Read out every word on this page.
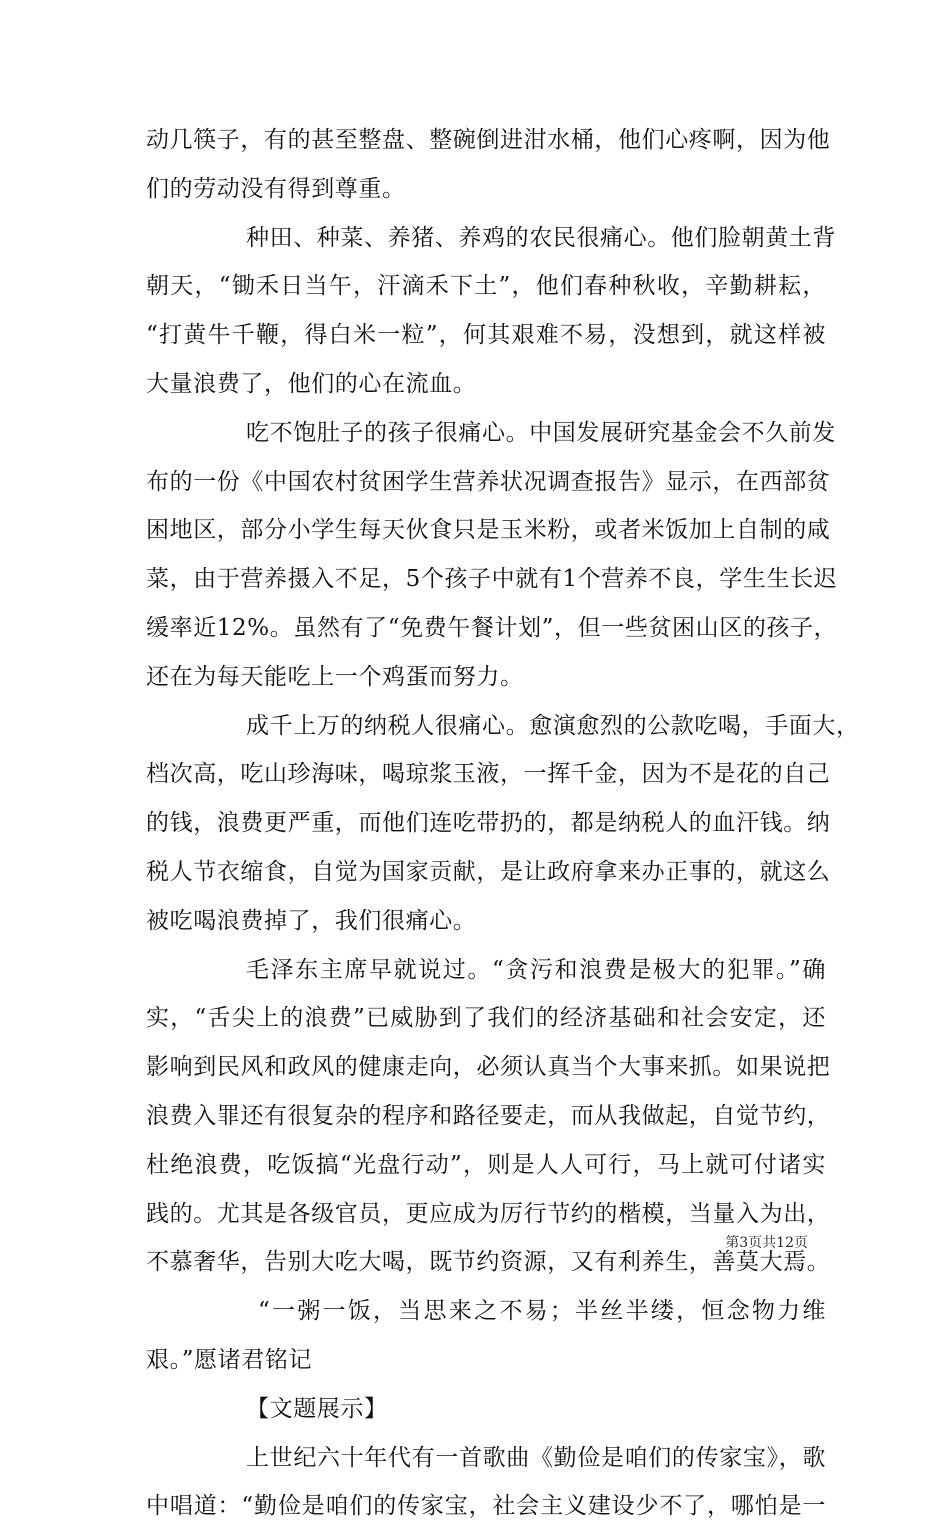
动几筷子，有的甚至整盘、整碗倒进泔水桶，他们心疼啊，因为他
们的劳动没有得到尊重。
种田、种菜、养猪、养鸡的农民很痛心。他们脸朝黄土背
朝天，“锄禾日当午，汗滴禾下土”，他们春种秋收，辛勤耕耘，
“打黄牛千鞭，得白米一粒”，何其艰难不易，没想到，就这样被
大量浪费了，他们的心在流血。
吃不饱肚子的孩子很痛心。中国发展研究基金会不久前发
布的一份《中国农村贫困学生营养状况调查报告》显示，在西部贫
困地区，部分小学生每天伙食只是玉米粉，或者米饭加上自制的咸
菜，由于营养摄入不足，5个孩子中就有1个营养不良，学生生长迟
缓率近12%。虽然有了“免费午餐计划”，但一些贫困山区的孩子，
还在为每天能吃上一个鸡蛋而努力。
成千上万的纳税人很痛心。愈演愈烈的公款吃喝，手面大，
档次高，吃山珍海味，喝琼浆玉液，一挥千金，因为不是花的自己
的钱，浪费更严重，而他们连吃带扔的，都是纳税人的血汗钱。纳
税人节衣缩食，自觉为国家贡献，是让政府拿来办正事的，就这么
被吃喝浪费掉了，我们很痛心。
毛泽东主席早就说过。“贪污和浪费是极大的犯罪。”确
实，“舌尖上的浪费”已威胁到了我们的经济基础和社会安定，还
影响到民风和政风的健康走向，必须认真当个大事来抓。如果说把
浪费入罪还有很复杂的程序和路径要走，而从我做起，自觉节约，
杜绝浪费，吃饭搞“光盘行动”，则是人人可行，马上就可付诸实
践的。尤其是各级官员，更应成为厉行节约的楷模，当量入为出，
不慕奢华，告别大吃大喝，既节约资源，又有利养生，善莫大焉。
“一粥一饭，当思来之不易；半丝半缕，恒念物力维
艰。”愿诸君铭记
【文题展示】
上世纪六十年代有一首歌曲《勤俭是咱们的传家宝》，歌
中唱道：“勤俭是咱们的传家宝，社会主义建设少不了，哪怕是一
第3页共12页
